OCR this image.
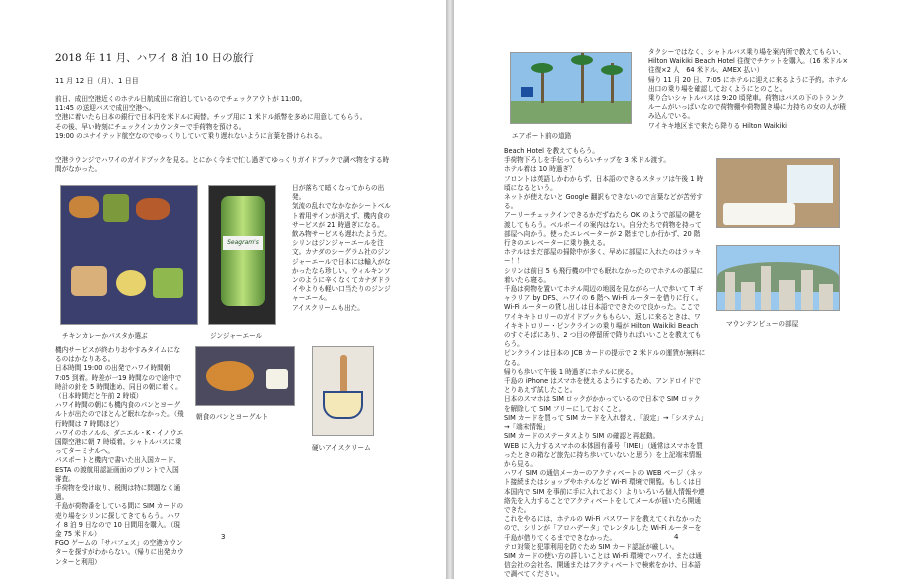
2018 年 11 月、ハワイ 8 泊 10 日の旅行
11 月 12 日（月）、1 日目
前日、成田空港近くのホテル日航成田に宿泊しているのでチェックアウトが 11:00。
11:45 の送迎バスで成田空港へ。
空港に着いたら日本の銀行で日本円を米ドルに両替。チップ用に 1 米ドル紙幣を多めに用意してもらう。
その後、早い時刻にチェックインカウンターで手荷物を預ける。
19:00 のユナイテッド航空なのでゆっくりしていて乗り遅れないように言葉を掛けられる。
空港ラウンジでハワイのガイドブックを見る。とにかく今まで忙し過ぎてゆっくりガイドブックで調べ物をする時間がなかった。
チキンカレーかパスタか選ぶ
Seagram's
ジンジャーエール
日が落ちて暗くなってからの出発。
気流の乱れでなかなかシートベルト着用サインが消えず、機内食のサービスが 21 時過ぎになる。
飲み物サービスも遅れたようだ。
シリンはジンジャーエールを注文。カナダのシーグラム社のジンジャーエールで日本には輸入がなかったなら珍しい。ウィルキンソンのように辛くなくてカナダドライやよりも軽い口当たりのジンジャーエール。
アイスクリームも出た。
機内サービスが終わりおやすみタイムになるのはかなりある。
日本時間 19:00 の出発でハワイ時間朝 7:05 到着。時差が一19 時間なので途中で時計の針を 5 時間進め、同日の朝に着く。（日本時間だと午前 2 時頃）
ハワイ時間の朝にも機内食のパンとヨーグルトが出たのでほとんど眠れなかった。（飛行時間は 7 時間ほど）
ハワイのホノルル、ダニエル・K・イノウエ国際空港に朝 7 時頃着。シャトルバスに乗ってターミナルへ。
パスポートと機内で書いた出入国カード、ESTA の渡航用認証画面のプリントで入国審査。
手荷物を受け取り、税関は特に問題なく通過。
千島が荷物番をしている間に SIM カードの売り場をシリンに探してきてもらう。ハワイ 8 泊 9 日なので 10 日間用を購入。（現金 75 米ドル）
FGO ゲームの「サバフェス」の空港カウンターを探すがわからない。（帰りに出発カウンターと利用）
朝食のパンとヨーグルト
硬いアイスクリーム
3
エアポート前の道路
タクシーではなく、シャトルバス乗り場を案内所で教えてもらい、Hilton Waikiki Beach Hotel 往復でチケットを購入。（16 米ドル×往復×2 人　64 米ドル、AMEX 払い）
帰り 11 月 20 日、7:05 にホテルに迎えに来るように予約。ホテル出口の乗り場を確認しておくようにとのこと。
乗り合いシャトルバスは 9:20 頃発車。荷物はバスの下のトランクルームがいっぱいなので荷物棚や荷物置き場に力持ちの女の人が積み込んでいる。
ワイキキ地区まで来たら降りる Hilton Waikiki
Beach Hotel を教えてもらう。
手荷物下ろしを手伝ってもらいチップを 3 米ドル渡す。
ホテル着は 10 時過ぎ？
フロントは英語しかわからず、日本語のできるスタッフは午後 1 時頃になるという。
ネットが使えないと Google 翻訳もできないので言葉などが苦労する。
アーリーチェックインできるかだずねたら OK のようで部屋の鍵を渡してもらう。ベルボーイの案内はない。自分たちで荷物を持って部屋へ向かう。使ったエレベーターが 2 階までしか行かず、20 階行きのエレベーターに乗り換える。
ホテルはまだ部屋の掃除中が多く、早めに部屋に入れたのはラッキー！！
シリンは前日 5 も飛行機の中でも眠れなかったのでホテルの部屋に着いたら寝る。
千島は荷物を置いてホテル周辺の地図を見ながら一人で歩いて T ギャラリア by DFS、ハワイの 6 階へ Wi-Fi ルーターを借りに行く。
Wi-Fi ルーターの貸し出しは日本語でできたので良かった。ここでワイキキトロリーのガイドブックももらい、返しに来るときは、ワイキキトロリー・ピンクラインの乗り場が Hilton Waikiki Beach のすぐそばにあり、2 つ目の停留所で降りればいいことを教えてもらう。
ピンクラインは日本の JCB カードの提示で 2 米ドルの運賃が無料になる。
帰りも歩いて午後 1 時過ぎにホテルに戻る。
千島の iPhone はスマホを使えるようにするため、アンドロイドでとりあえず試したこと。
日本のスマホは SIM ロックがかかっているので日本で SIM ロックを解除して SIM フリーにしておくこと。
SIM カードを買って SIM カードを入れ替え、「設定」→「システム」→「端末情報」
SIM カードのステータスより SIM の確認と再起動。
WEB に入力するスマホの本体固有番号「IMEI」（通常はスマホを買ったときの箱など旅先に持ち歩いていないと思う）を上記端末情報から見る。
ハワイ SIM の通信メーカーのアクティベートの WEB ページ（ネット接続またはショップやホテルなど Wi-Fi 環境で開覧。もしくは日本国内で SIM を事前に手に入れておく）よりいろいろ個人情報や連絡先を入力することでアクティベートをしてメールが届いたら開通できた。
これをやるには、ホテルの Wi-Fi パスワードを教えてくれなかったので、シリンが「アロハデータ」でレンタルした Wi-Fi ルーターを千島が借りてくるまでできなかった。
テロ対策と犯罪利用を防ぐため SIM カード認証が厳しい。
SIM カードの使い方の詳しいことは Wi-Fi 環境でハワイ、または通信会社の会社名、開通またはアクティベートで検索をかけ、日本語で調べてください。
マウンテンビューの部屋
4
